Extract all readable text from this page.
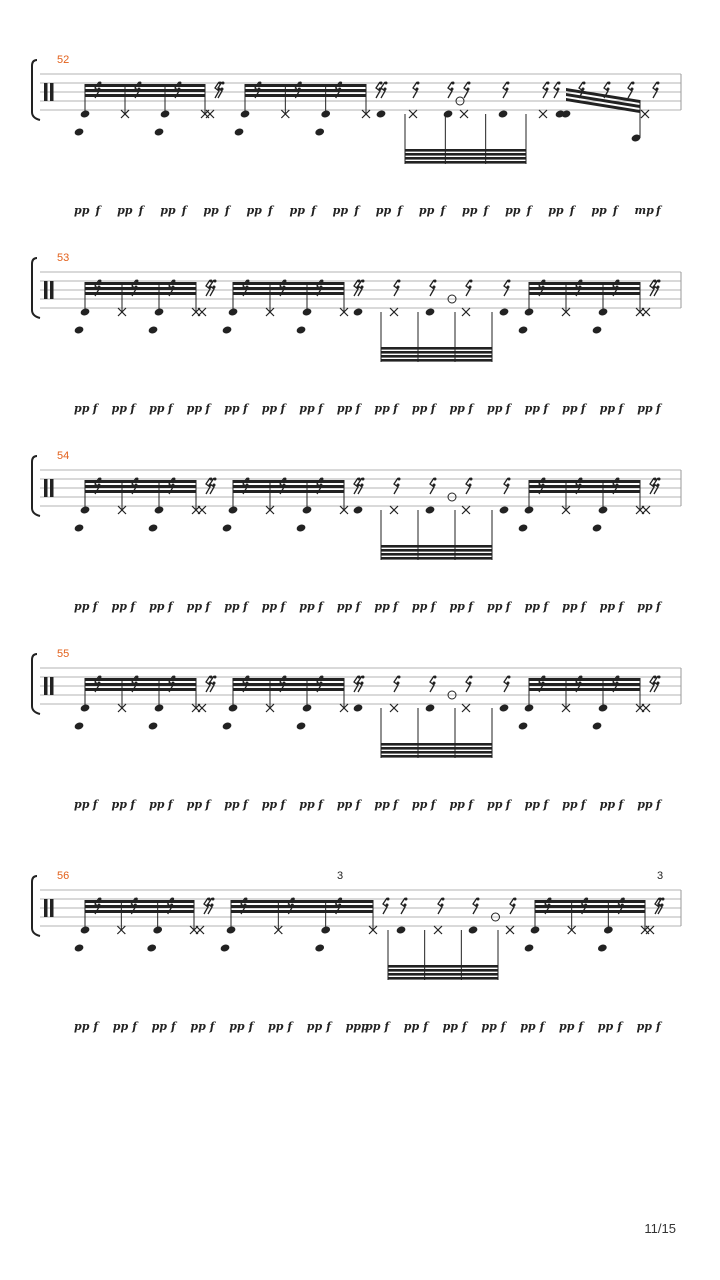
52
pp f pp f pp f pp f pp f pp f pp f pp f pp f pp f pp f pp f pp f mp f
53
pp f pp f pp f pp f pp f pp f pp f pp f pp f pp f pp f pp f pp f pp f pp f pp f
54
pp f pp f pp f pp f pp f pp f pp f pp f pp f pp f pp f pp f pp f pp f pp f pp f
55
pp f pp f pp f pp f pp f pp f pp f pp f pp f pp f pp f pp f pp f pp f pp f pp f
56	3	3
pp f pp f pp f pp f pp f pp f pp f ppp
pp f pp f pp f pp f pp f pp f pp f pp f
11/15
